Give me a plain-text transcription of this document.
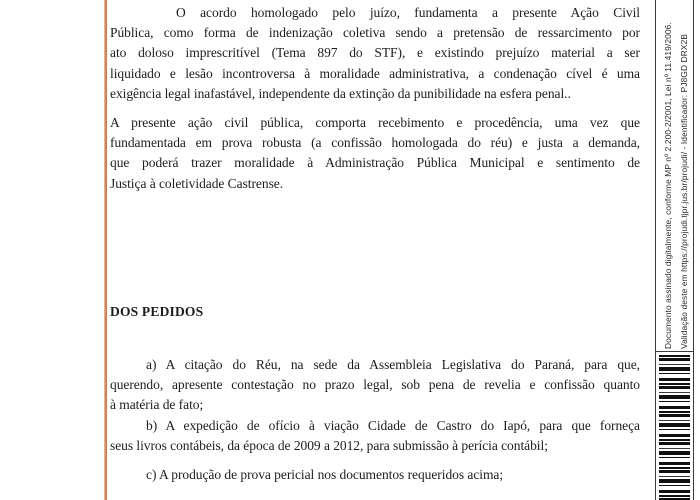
O acordo homologado pelo juízo, fundamenta a presente Ação Civil
Pública, como forma de indenização coletiva sendo a pretensão de ressarcimento por
ato doloso imprescritível (Tema 897 do STF), e existindo prejuízo material a ser
liquidado e lesão incontroversa à moralidade administrativa, a condenação cível é uma
exigência legal inafastável, independente da extinção da punibilidade na esfera penal..
A presente ação civil pública, comporta recebimento e procedência, uma vez que
fundamentada em prova robusta (a confissão homologada do réu) e justa a demanda,
que poderá trazer moralidade à Administração Pública Municipal e sentimento de
Justiça à coletividade Castrense.
DOS PEDIDOS
a) A citação do Réu, na sede da Assembleia Legislativa do Paraná, para que,
querendo, apresente contestação no prazo legal, sob pena de revelia e confissão quanto
à matéria de fato;
b) A expedição de ofício à viação Cidade de Castro do Iapó, para que forneça
seus livros contábeis, da época de 2009 a 2012, para submissão à perícia contábil;
c) A produção de prova pericial nos documentos requeridos acima;
Documento assinado digitalmente, conforme MP nº 2.200-2/2001, Lei nº 11.419/2006. Validação deste em https://projudi.tjpr.jus.br/projudi/ - Identificador: PJ8GD DRX2B
